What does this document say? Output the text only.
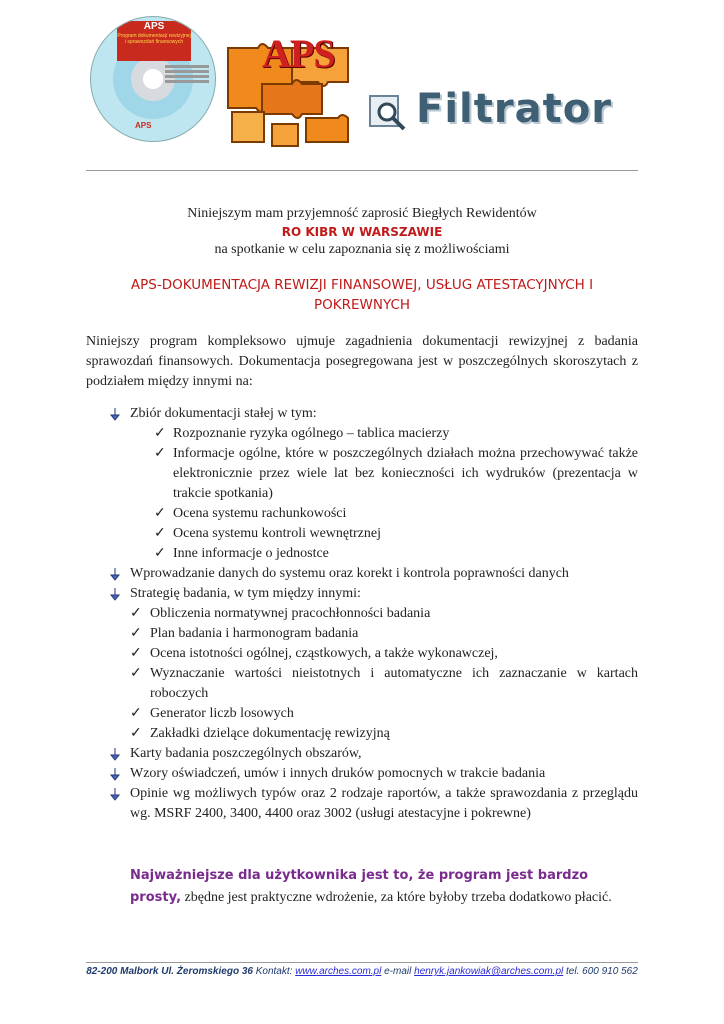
APS
Program dokumentacji rewizyjnej i sprawozdań finansowych
APS
APS
Filtrator
Niniejszym mam przyjemność zaprosić Biegłych Rewidentów
RO KIBR W WARSZAWIE
na spotkanie w celu zapoznania się z możliwościami
APS-DOKUMENTACJA REWIZJI FINANSOWEJ, USŁUG ATESTACYJNYCH I POKREWNYCH
Niniejszy program kompleksowo ujmuje zagadnienia dokumentacji rewizyjnej z badania sprawozdań finansowych. Dokumentacja posegregowana jest w poszczególnych skoroszytach z podziałem między innymi na:
Zbiór dokumentacji stałej w tym:
✓ Rozpoznanie ryzyka ogólnego – tablica macierzy
✓ Informacje ogólne, które w poszczególnych działach można przechowywać także elektronicznie przez wiele lat bez konieczności ich wydruków (prezentacja w trakcie spotkania)
✓ Ocena systemu rachunkowości
✓ Ocena systemu kontroli wewnętrznej
✓ Inne informacje o jednostce
Wprowadzanie danych do systemu oraz korekt i kontrola poprawności danych
Strategię badania, w tym między innymi:
✓ Obliczenia normatywnej pracochłonności badania
✓ Plan badania i harmonogram badania
✓ Ocena istotności ogólnej, cząstkowych, a także wykonawczej,
✓ Wyznaczanie wartości nieistotnych i automatyczne ich zaznaczanie w kartach roboczych
✓ Generator liczb losowych
✓ Zakładki dzielące dokumentację rewizyjną
Karty badania poszczególnych obszarów,
Wzory oświadczeń, umów i innych druków pomocnych w trakcie badania
Opinie wg możliwych typów oraz 2 rodzaje raportów, a także sprawozdania z przeglądu wg. MSRF 2400, 3400, 4400 oraz 3002 (usługi atestacyjne i pokrewne)
Najważniejsze dla użytkownika jest to, że program jest bardzo prosty, zbędne jest praktyczne wdrożenie, za które byłoby trzeba dodatkowo płacić.
82-200 Malbork Ul. Żeromskiego 36 Kontakt: www.arches.com.pl e-mail henryk.jankowiak@arches.com.pl tel. 600 910 562
